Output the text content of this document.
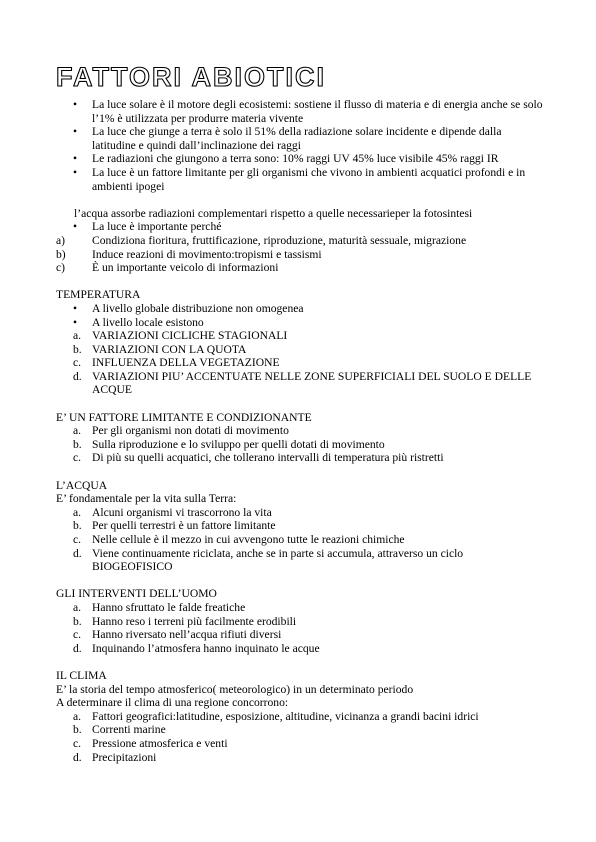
FATTORI ABIOTICI
• La luce solare è il motore degli ecosistemi: sostiene il flusso di materia e di energia anche se solo l’1% è utilizzata per produrre materia vivente
• La luce che giunge a terra è solo il 51% della radiazione solare incidente e dipende dalla latitudine e quindi dall’inclinazione dei raggi
• Le radiazioni che giungono a terra sono: 10% raggi UV 45% luce visibile 45% raggi IR
• La luce è un fattore limitante per gli organismi che vivono in ambienti acquatici profondi e in ambienti ipogei
l’acqua assorbe radiazioni complementari rispetto a quelle necessarieper la fotosintesi
• La luce è importante perché
a) Condiziona fioritura, fruttificazione, riproduzione, maturità sessuale, migrazione
b) Induce reazioni di movimento:tropismi e tassismi
c) È un importante veicolo di informazioni
TEMPERATURA
• A livello globale distribuzione non omogenea
• A livello locale esistono
a. VARIAZIONI CICLICHE STAGIONALI
b. VARIAZIONI CON LA QUOTA
c. INFLUENZA DELLA VEGETAZIONE
d. VARIAZIONI PIU’ ACCENTUATE NELLE ZONE SUPERFICIALI DEL SUOLO E DELLE ACQUE
E’ UN FATTORE LIMITANTE E CONDIZIONANTE
a. Per gli organismi non dotati di movimento
b. Sulla riproduzione e lo sviluppo per quelli dotati di movimento
c. Di più su quelli acquatici, che tollerano intervalli di temperatura più ristretti
L’ACQUA
E’ fondamentale per la vita sulla Terra:
a. Alcuni organismi vi trascorrono la vita
b. Per quelli terrestri è un fattore limitante
c. Nelle cellule è il mezzo in cui avvengono tutte le reazioni chimiche
d. Viene continuamente riciclata, anche se in parte si accumula, attraverso un ciclo BIOGEOFISICO
GLI INTERVENTI DELL’UOMO
a. Hanno sfruttato le falde freatiche
b. Hanno reso i terreni più facilmente erodibili
c. Hanno riversato nell’acqua rifiuti diversi
d. Inquinando l’atmosfera hanno inquinato le acque
IL CLIMA
E’ la storia del tempo atmosferico( meteorologico) in un determinato periodo
A determinare il clima di una regione concorrono:
a. Fattori geografici:latitudine, esposizione, altitudine, vicinanza a grandi bacini idrici
b. Correnti marine
c. Pressione atmosferica e venti
d. Precipitazioni
